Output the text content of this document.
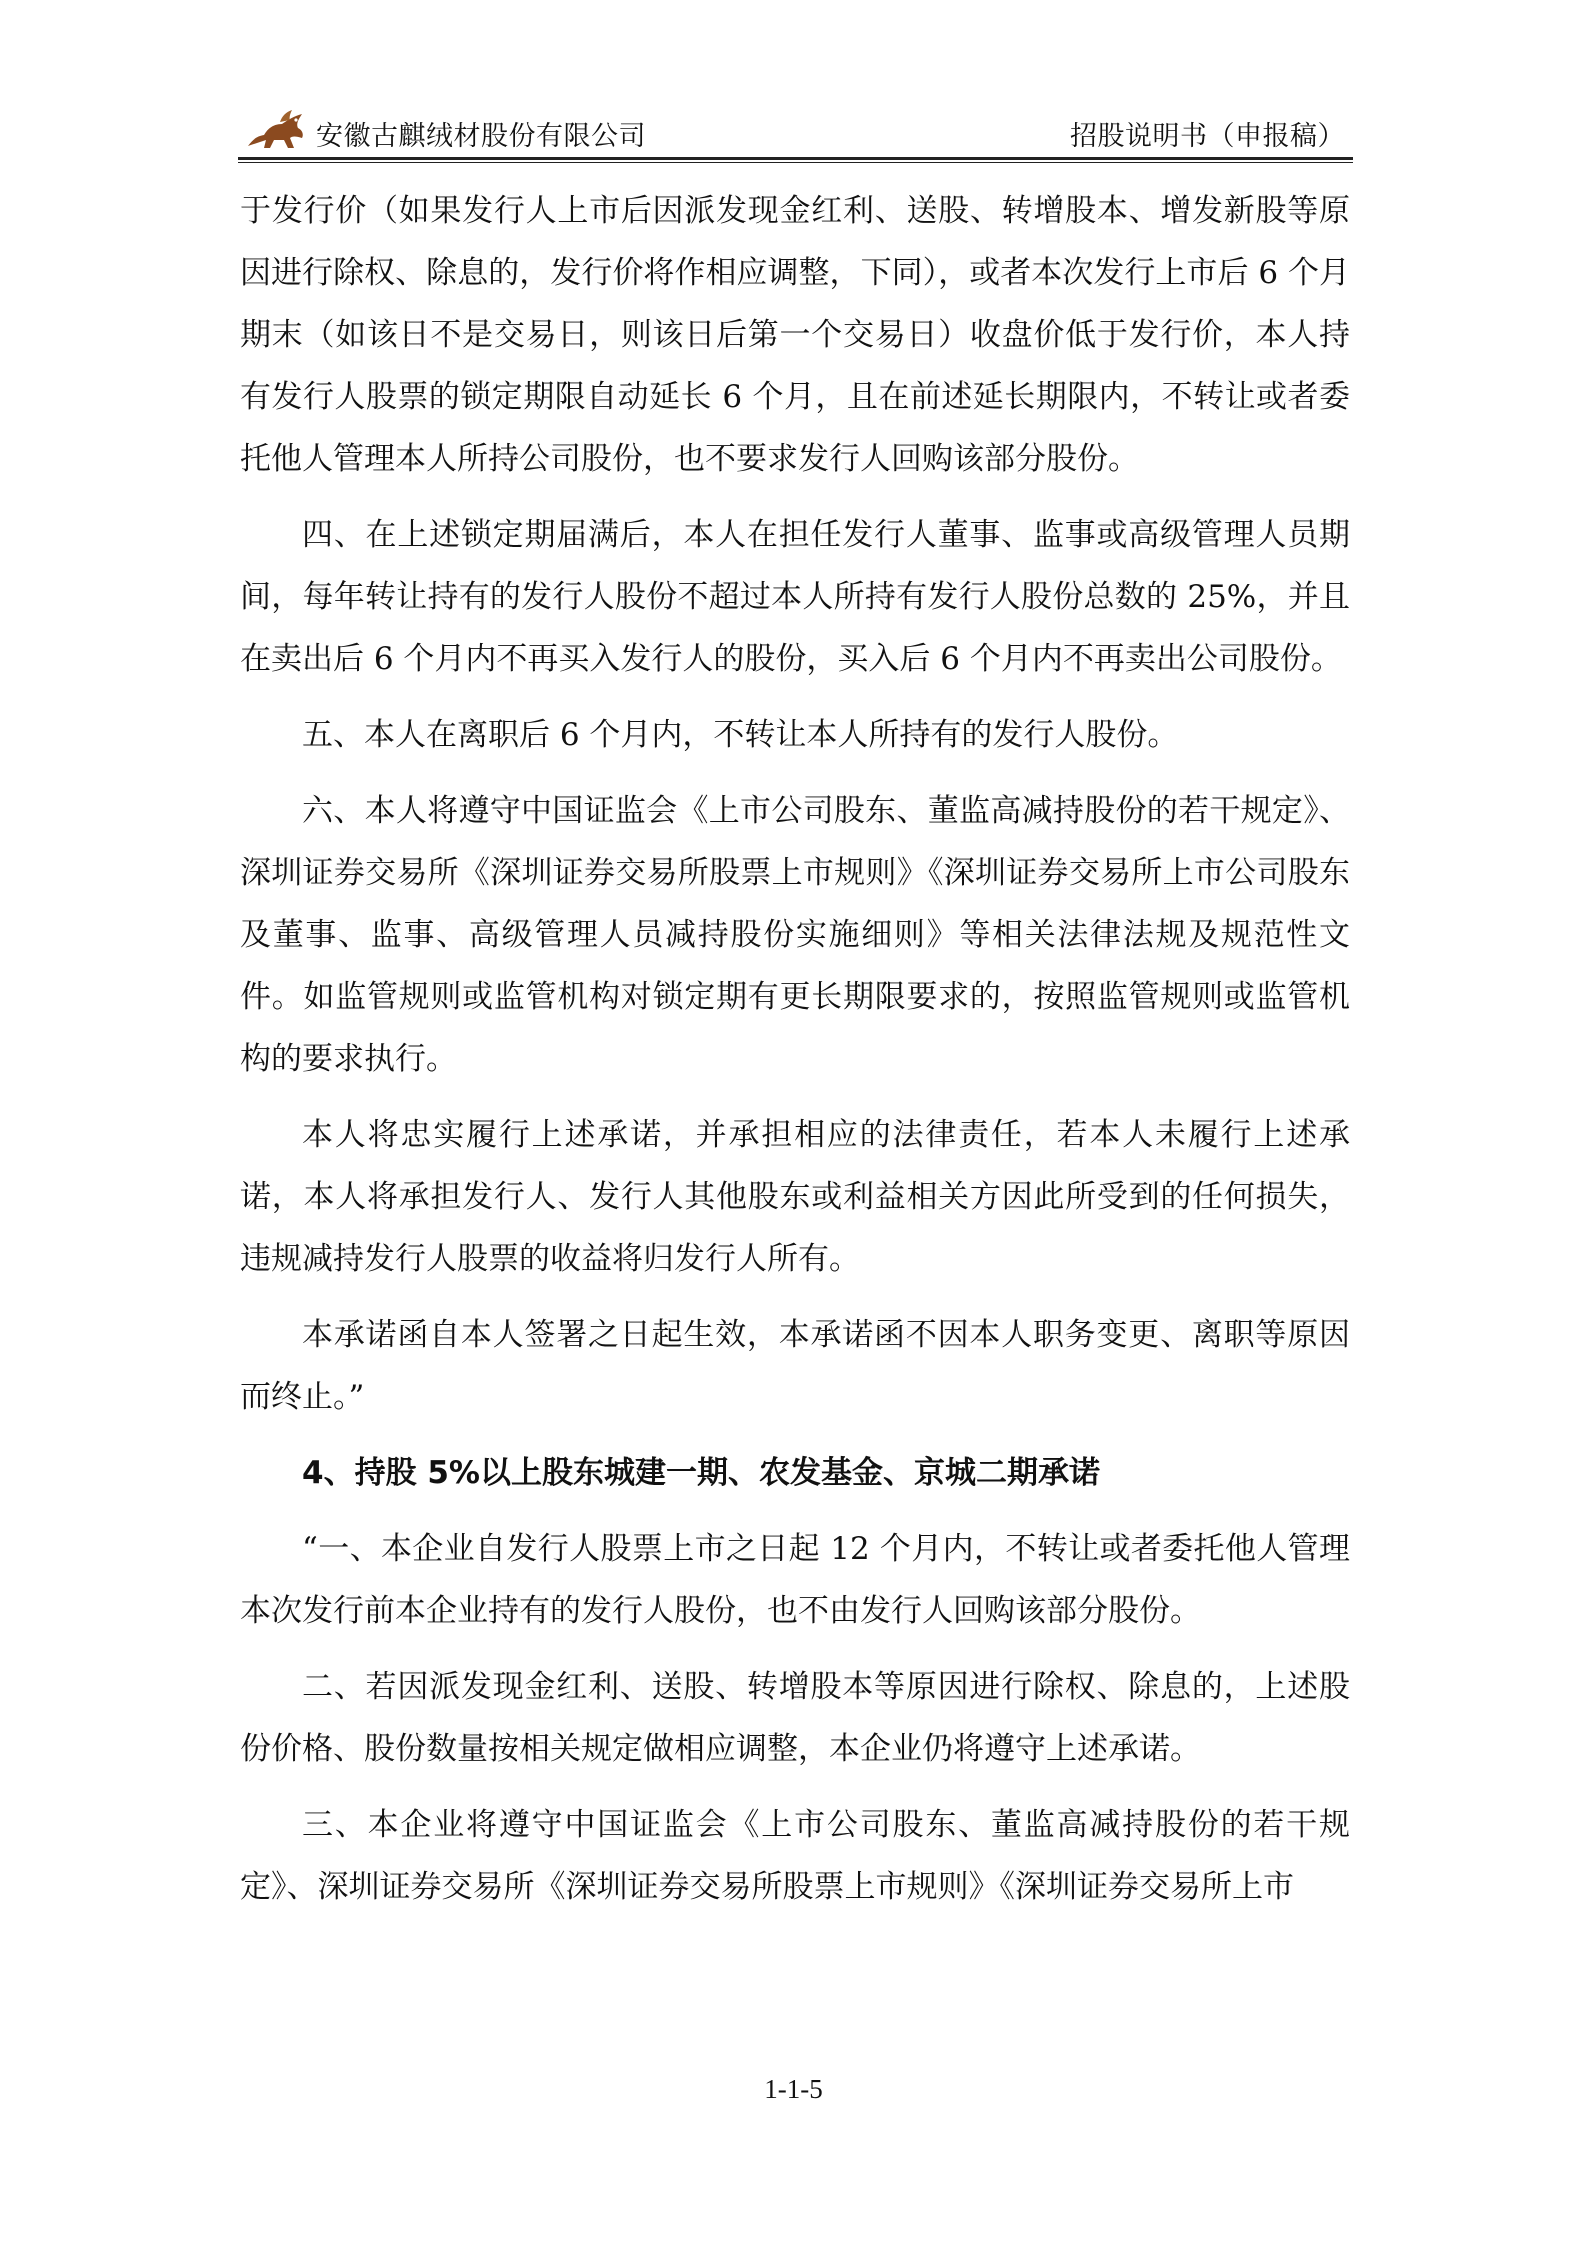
安徽古麒绒材股份有限公司	招股说明书（申报稿）

于发行价（如果发行人上市后因派发现金红利、送股、转增股本、增发新股等原因进行除权、除息的，发行价将作相应调整，下同），或者本次发行上市后 6 个月期末（如该日不是交易日，则该日后第一个交易日）收盘价低于发行价，本人持有发行人股票的锁定期限自动延长 6 个月，且在前述延长期限内，不转让或者委托他人管理本人所持公司股份，也不要求发行人回购该部分股份。

四、在上述锁定期届满后，本人在担任发行人董事、监事或高级管理人员期间，每年转让持有的发行人股份不超过本人所持有发行人股份总数的 25%，并且在卖出后 6 个月内不再买入发行人的股份，买入后 6 个月内不再卖出公司股份。

五、本人在离职后 6 个月内，不转让本人所持有的发行人股份。

六、本人将遵守中国证监会《上市公司股东、董监高减持股份的若干规定》、深圳证券交易所《深圳证券交易所股票上市规则》《深圳证券交易所上市公司股东及董事、监事、高级管理人员减持股份实施细则》等相关法律法规及规范性文件。如监管规则或监管机构对锁定期有更长期限要求的，按照监管规则或监管机构的要求执行。

本人将忠实履行上述承诺，并承担相应的法律责任，若本人未履行上述承诺，本人将承担发行人、发行人其他股东或利益相关方因此所受到的任何损失，违规减持发行人股票的收益将归发行人所有。

本承诺函自本人签署之日起生效，本承诺函不因本人职务变更、离职等原因而终止。”

4、持股 5%以上股东城建一期、农发基金、京城二期承诺

“一、本企业自发行人股票上市之日起 12 个月内，不转让或者委托他人管理本次发行前本企业持有的发行人股份，也不由发行人回购该部分股份。

二、若因派发现金红利、送股、转增股本等原因进行除权、除息的，上述股份价格、股份数量按相关规定做相应调整，本企业仍将遵守上述承诺。

三、本企业将遵守中国证监会《上市公司股东、董监高减持股份的若干规定》、深圳证券交易所《深圳证券交易所股票上市规则》《深圳证券交易所上市

1-1-5
